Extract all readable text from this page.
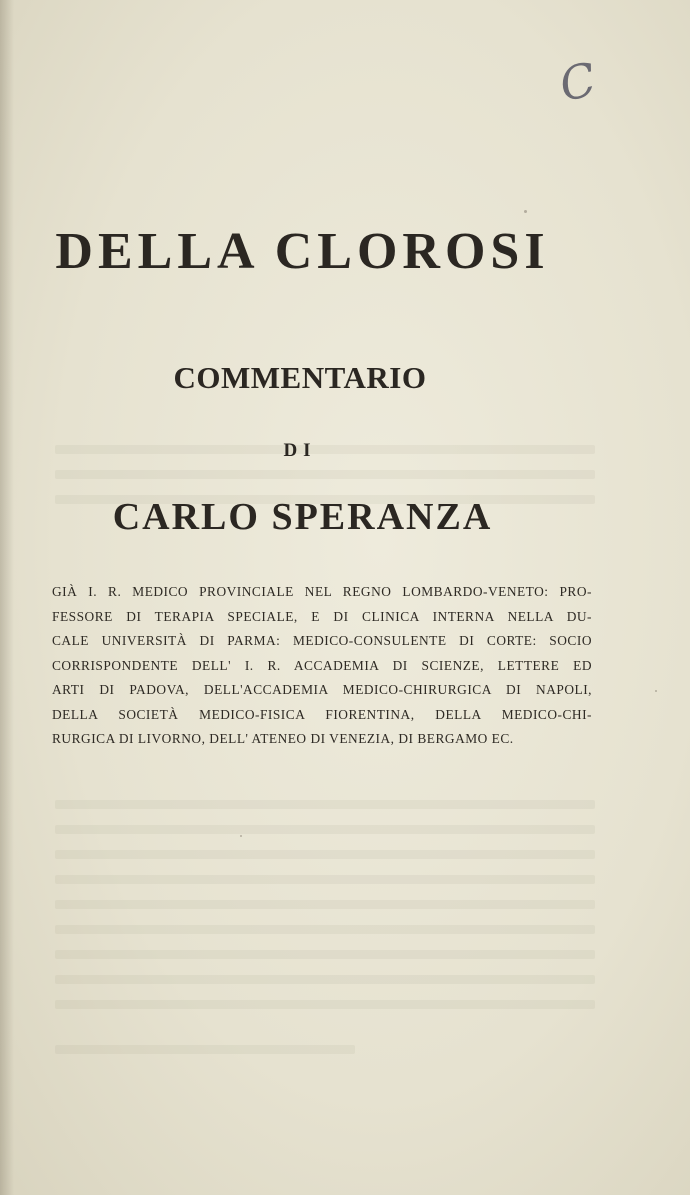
C
DELLA CLOROSI
COMMENTARIO
DI
CARLO SPERANZA
GIÀ I. R. MEDICO PROVINCIALE NEL REGNO LOMBARDO-VENETO: PRO-
FESSORE DI TERAPIA SPECIALE, E DI CLINICA INTERNA NELLA DU-
CALE UNIVERSITÀ DI PARMA: MEDICO-CONSULENTE DI CORTE: SOCIO
CORRISPONDENTE DELL' I. R. ACCADEMIA DI SCIENZE, LETTERE ED
ARTI DI PADOVA, DELL'ACCADEMIA MEDICO-CHIRURGICA DI NAPOLI,
DELLA SOCIETÀ MEDICO-FISICA FIORENTINA, DELLA MEDICO-CHI-
RURGICA DI LIVORNO, DELL' ATENEO DI VENEZIA, DI BERGAMO EC.
